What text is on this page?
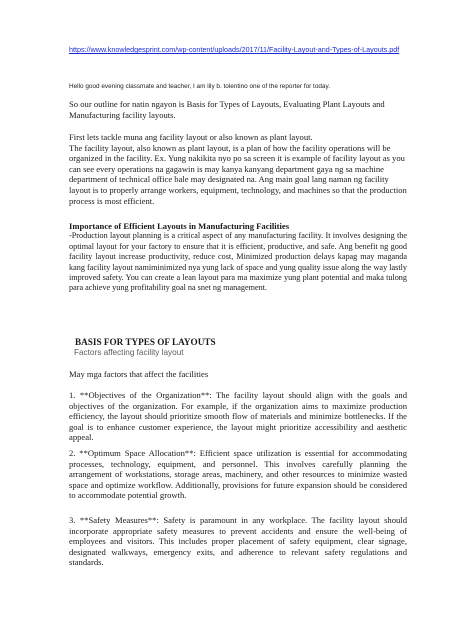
https://www.knowledgesprint.com/wp-content/uploads/2017/11/Facility-Layout-and-Types-of-Layouts.pdf
Hello good evening classmate and teacher, I am lily b. tolentino one of the reporter for today.

So our outline for natin ngayon is Basis for Types of Layouts, Evaluating Plant Layouts and Manufacturing facility layouts.

First lets tackle muna ang facility layout or also known as plant layout.

The facility layout, also known as plant layout, is a plan of how the facility operations will be organized in the facility. Ex. Yung nakikita nyo po sa screen it is example of facility layout as you can see every operations na gagawin is may kanya kanyang department gaya ng sa machine department of technical office bale may designated na. Ang main goal lang naman ng facility layout is to properly arrange workers, equipment, technology, and machines so that the production process is most efficient.

Importance of Efficient Layouts in Manufacturing Facilities

-Production layout planning is a critical aspect of any manufacturing facility. It involves designing the optimal layout for your factory to ensure that it is efficient, productive, and safe. Ang benefit ng good facility layout increase productivity, reduce cost, Minimized production delays kapag may maganda kang facility layout namiminimized nya yung lack of space and yung quality issue along the way lastly improved safety. You can create a lean layout para ma maximize yung plant potential and maka tulong para achieve yung profitability goal na snet ng management.

BASIS FOR TYPES OF LAYOUTS
Factors affecting facility layout

May mga factors that affect the facilities

1. **Objectives of the Organization**: The facility layout should align with the goals and objectives of the organization. For example, if the organization aims to maximize production efficiency, the layout should prioritize smooth flow of materials and minimize bottlenecks. If the goal is to enhance customer experience, the layout might prioritize accessibility and aesthetic appeal.

2. **Optimum Space Allocation**: Efficient space utilization is essential for accommodating processes, technology, equipment, and personnel. This involves carefully planning the arrangement of workstations, storage areas, machinery, and other resources to minimize wasted space and optimize workflow. Additionally, provisions for future expansion should be considered to accommodate potential growth.

3. **Safety Measures**: Safety is paramount in any workplace. The facility layout should incorporate appropriate safety measures to prevent accidents and ensure the well-being of employees and visitors. This includes proper placement of safety equipment, clear signage, designated walkways, emergency exits, and adherence to relevant safety regulations and standards.
